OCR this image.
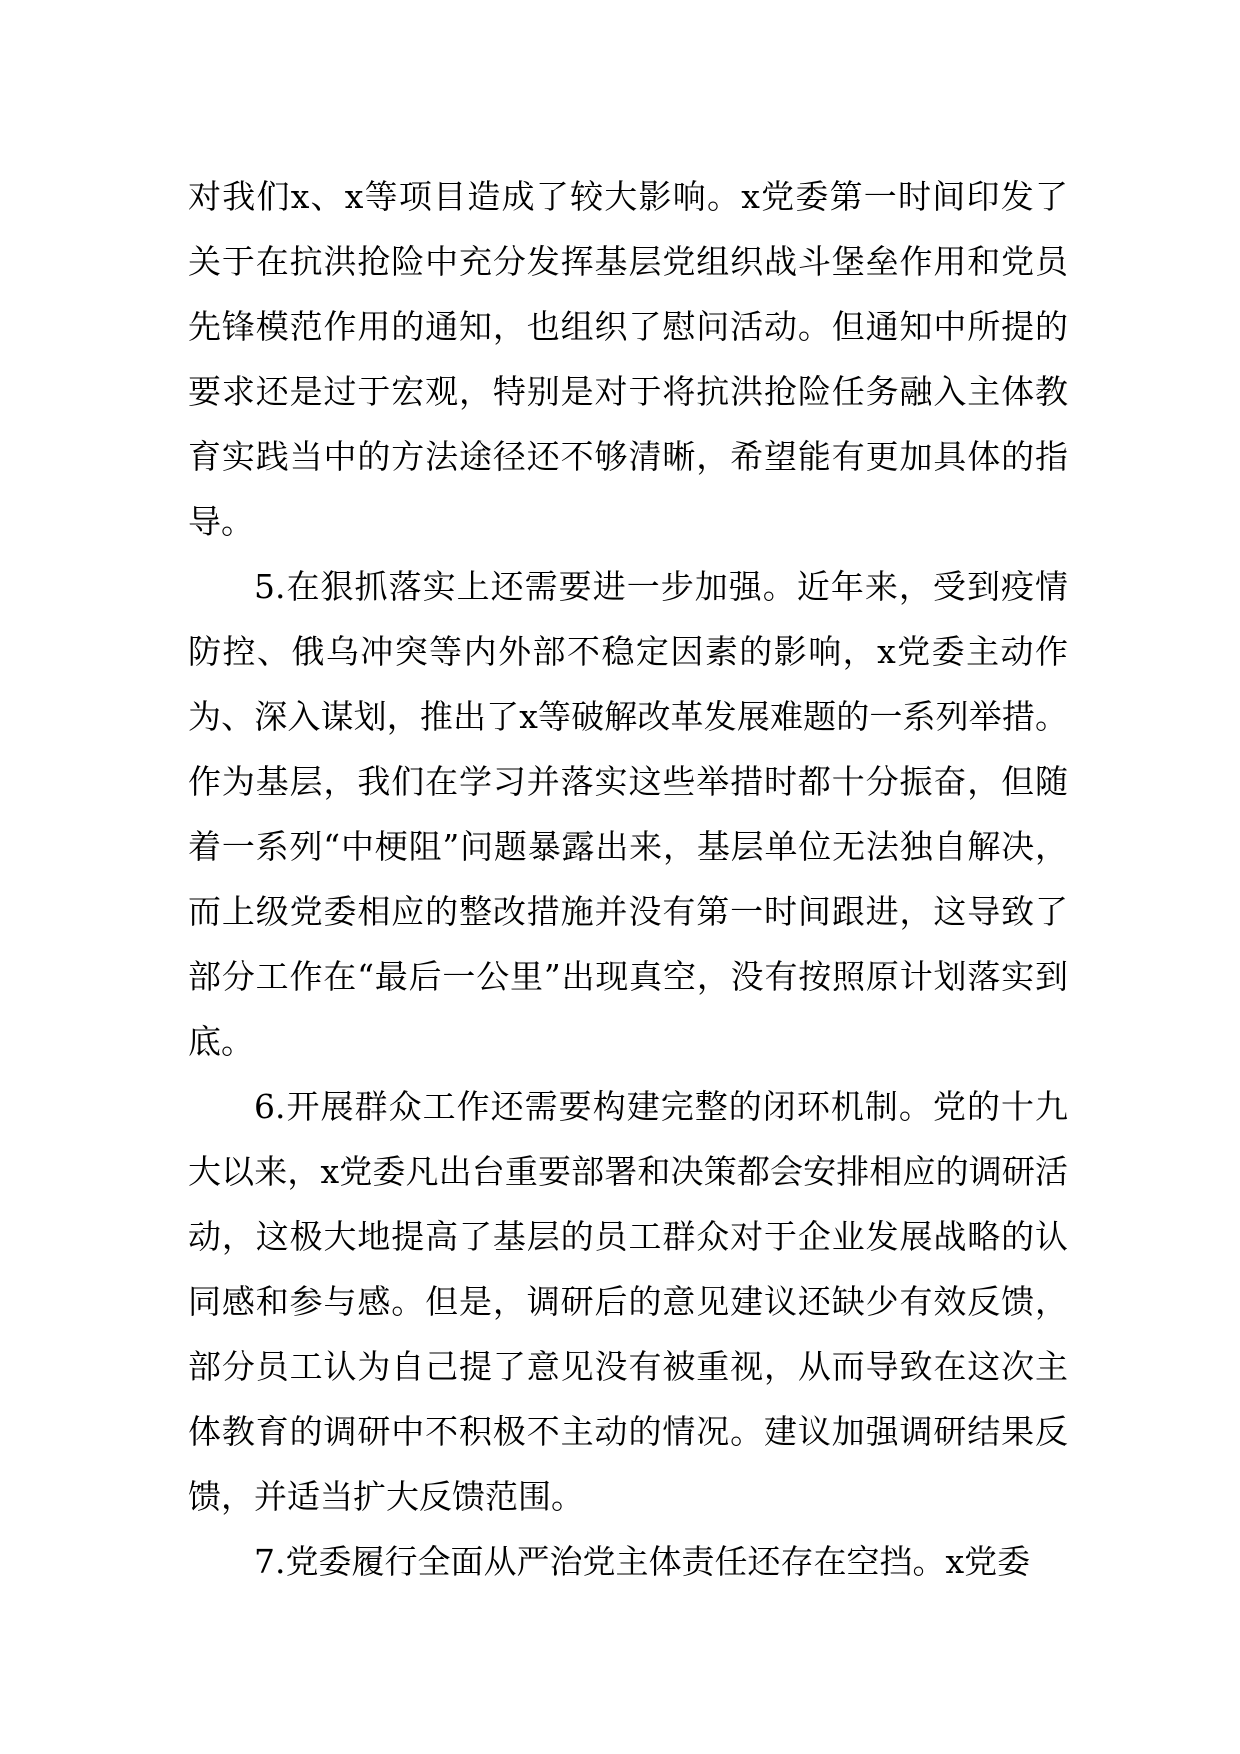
对我们x、x等项目造成了较大影响。x党委第一时间印发了关于在抗洪抢险中充分发挥基层党组织战斗堡垒作用和党员先锋模范作用的通知，也组织了慰问活动。但通知中所提的要求还是过于宏观，特别是对于将抗洪抢险任务融入主体教育实践当中的方法途径还不够清晰，希望能有更加具体的指导。

5.在狠抓落实上还需要进一步加强。近年来，受到疫情防控、俄乌冲突等内外部不稳定因素的影响，x党委主动作为、深入谋划，推出了x等破解改革发展难题的一系列举措。作为基层，我们在学习并落实这些举措时都十分振奋，但随着一系列“中梗阻”问题暴露出来，基层单位无法独自解决，而上级党委相应的整改措施并没有第一时间跟进，这导致了部分工作在“最后一公里”出现真空，没有按照原计划落实到底。

6.开展群众工作还需要构建完整的闭环机制。党的十九大以来，x党委凡出台重要部署和决策都会安排相应的调研活动，这极大地提高了基层的员工群众对于企业发展战略的认同感和参与感。但是，调研后的意见建议还缺少有效反馈，部分员工认为自己提了意见没有被重视，从而导致在这次主体教育的调研中不积极不主动的情况。建议加强调研结果反馈，并适当扩大反馈范围。

7.党委履行全面从严治党主体责任还存在空挡。x党委
